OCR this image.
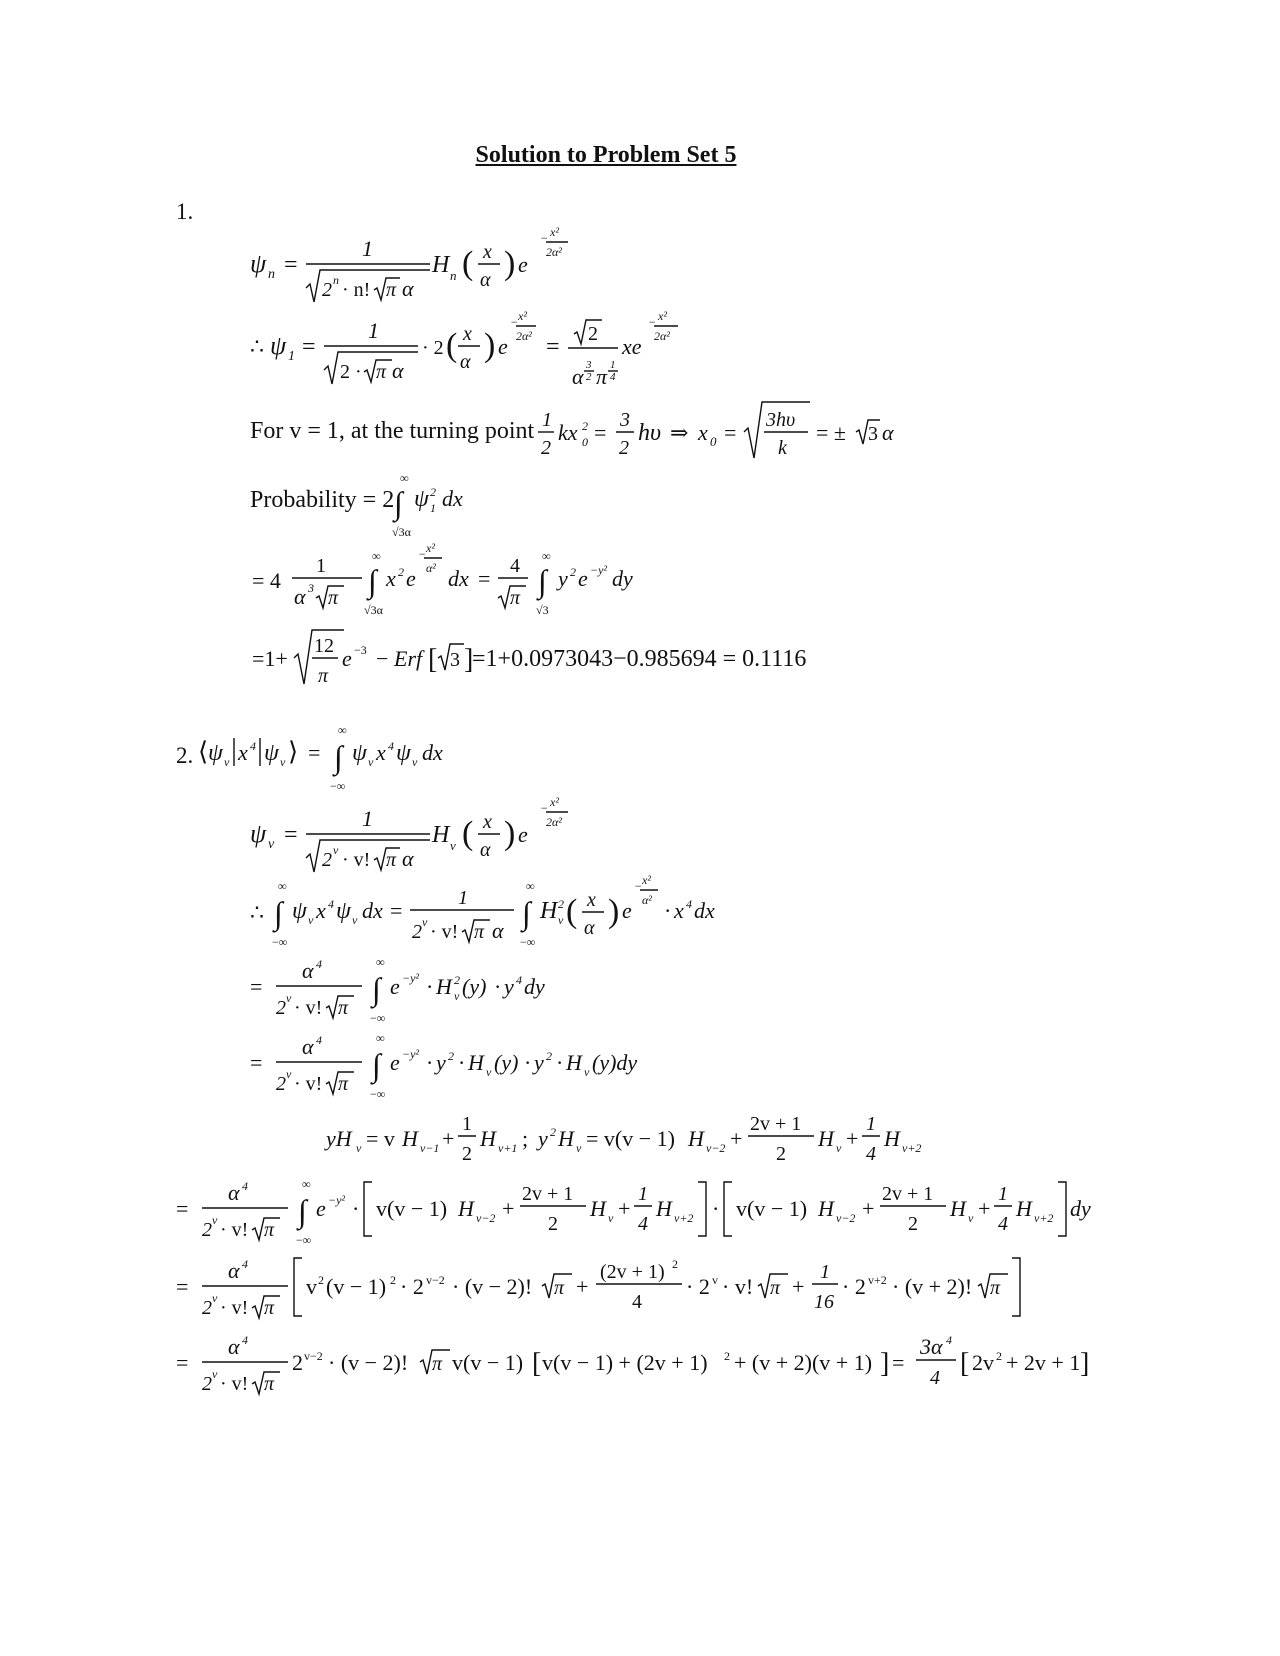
Solution to Problem Set 5
1.
ψ n =
1
2 n · n! π α
H n ( x
α ) e
− x²
2α²
∴ ψ 1 =
1
2 · π α
· 2 ( x
α ) e
− x²
2α² = 2
α 3
2 π 1
4
xe
− x²
2α²
For v = 1, at the turning point 1
2
kx 0
2 = 3
2
hυ ⇒ x 0 = 3hυ
k
= ± 3 α
Probability = 2
∞
∫
√3α
ψ 1
2 dx
= 4
1
α 3 π
∞
∫
√3α
x 2 e
− x²
α² dx = 4
π
∞
∫
√3
y 2 e −y² dy
=1+ 12
π
e −3 − Erf [ 3 ]
=1+0.0973043−0.985694 = 0.1116
2. ⟨ ψ v x 4 ψ v ⟩ =
∞
∫
−∞
ψ v x 4 ψ v dx
ψ v =
1
2 v · v! π α
H v ( x
α ) e
− x²
2α²
∴
∞
∫
−∞
ψ v x 4 ψ v dx =	1
2 v · v! π α
∞
∫
−∞
H v
2 ( x
α ) e
− x²
α² · x 4 dx
=
α 4
2 v · v! π
∞
∫
−∞
e −y² · H v
2 (y) · y 4 dy
=
α 4
2 v · v! π
∞
∫
−∞
e −y² · y 2 · H v (y) · y 2 · H v (y)dy
yH v = v H v−1 +
1
2
H v+1 ; y 2 H v = v(v − 1) H v−2 +
2v + 1
2
H v +
1
4
H v+2
=
α 4
2 v · v! π
∞
∫
−∞
e −y² · v(v − 1) H v−2 +
2v + 1
2
H v +
1
4
H v+2 · v(v − 1) H v−2 +
2v + 1
2
H v +
1
4
H v+2 dy
=
α 4
2 v · v! π
v 2 (v − 1) 2 · 2 v−2 · (v − 2)! π +
(2v + 1) 2
4
· 2 v · v! π +
1
16
· 2 v+2 · (v + 2)! π
=
α 4
2 v · v! π
2 v−2 · (v − 2)! π v(v − 1) [ v(v − 1) + (2v + 1) 2 + (v + 2)(v + 1) ] =
3α 4
4 [ 2v 2 + 2v + 1 ]
